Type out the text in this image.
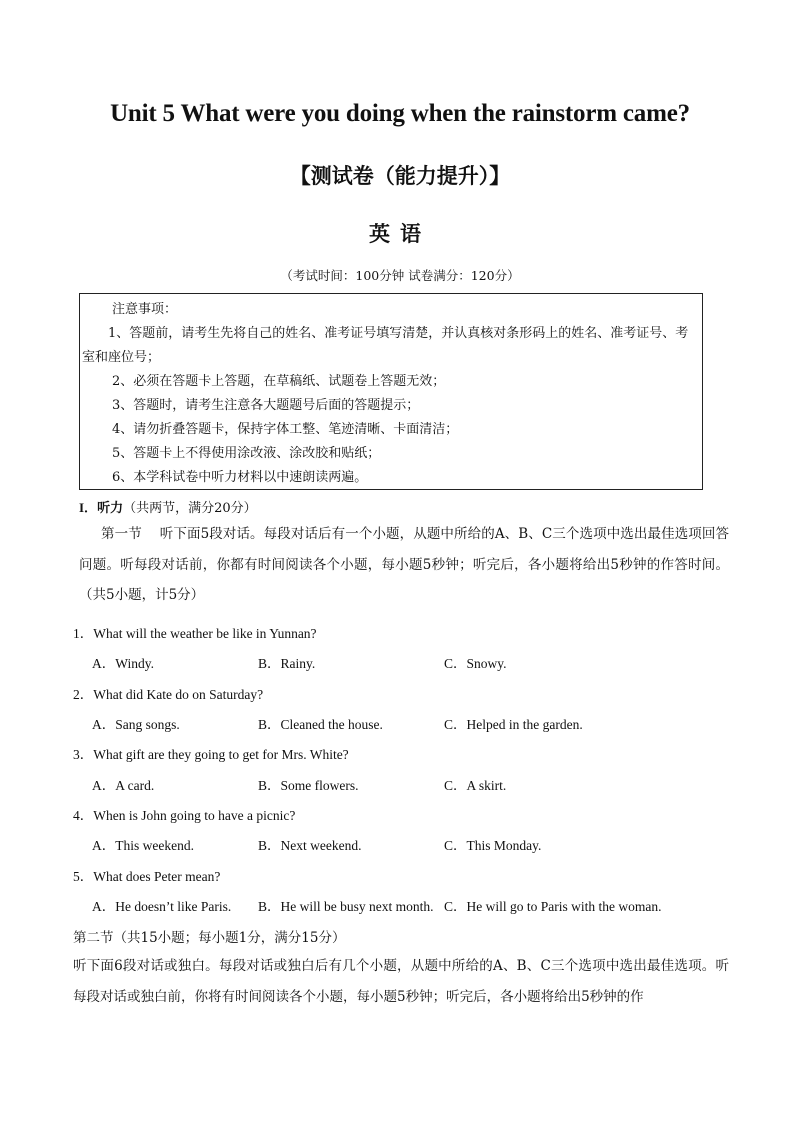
Unit 5 What were you doing when the rainstorm came?
【测试卷（能力提升）】
英语
（考试时间：100分钟 试卷满分：120分）

注意事项：

1、答题前，请考生先将自己的姓名、准考证号填写清楚，并认真核对条形码上的姓名、准考证号、考室和座位号；

2、必须在答题卡上答题，在草稿纸、试题卷上答题无效；

3、答题时，请考生注意各大题题号后面的答题提示；

4、请勿折叠答题卡，保持字体工整、笔迹清晰、卡面清洁；

5、答题卡上不得使用涂改液、涂改胶和贴纸；

6、本学科试卷中听力材料以中速朗读两遍。

I．听力（共两节，满分20分）
第一节　 听下面5段对话。每段对话后有一个小题，从题中所给的A、B、C三个选项中选出最佳选项回答问题。听每段对话前，你都有时间阅读各个小题，每小题5秒钟；听完后，各小题将给出5秒钟的作答时间。（共5小题，计5分）
1．What will the weather be like in Yunnan?
A．Windy.	B．Rainy.	C．Snowy.
2．What did Kate do on Saturday?
A．Sang songs.	B．Cleaned the house.	C．Helped in the garden.
3．What gift are they going to get for Mrs. White?
A．A card.	B．Some flowers.	C．A skirt.
4．When is John going to have a picnic?
A．This weekend.	B．Next weekend.	C．This Monday.
5．What does Peter mean?
A．He doesn’t like Paris. B．He will be busy next month. C．He will go to Paris with the woman.
第二节（共15小题；每小题1分，满分15分）
听下面6段对话或独白。每段对话或独白后有几个小题，从题中所给的A、B、C三个选项中选出最佳选项。听每段对话或独白前，你将有时间阅读各个小题，每小题5秒钟；听完后，各小题将给出5秒钟的作
